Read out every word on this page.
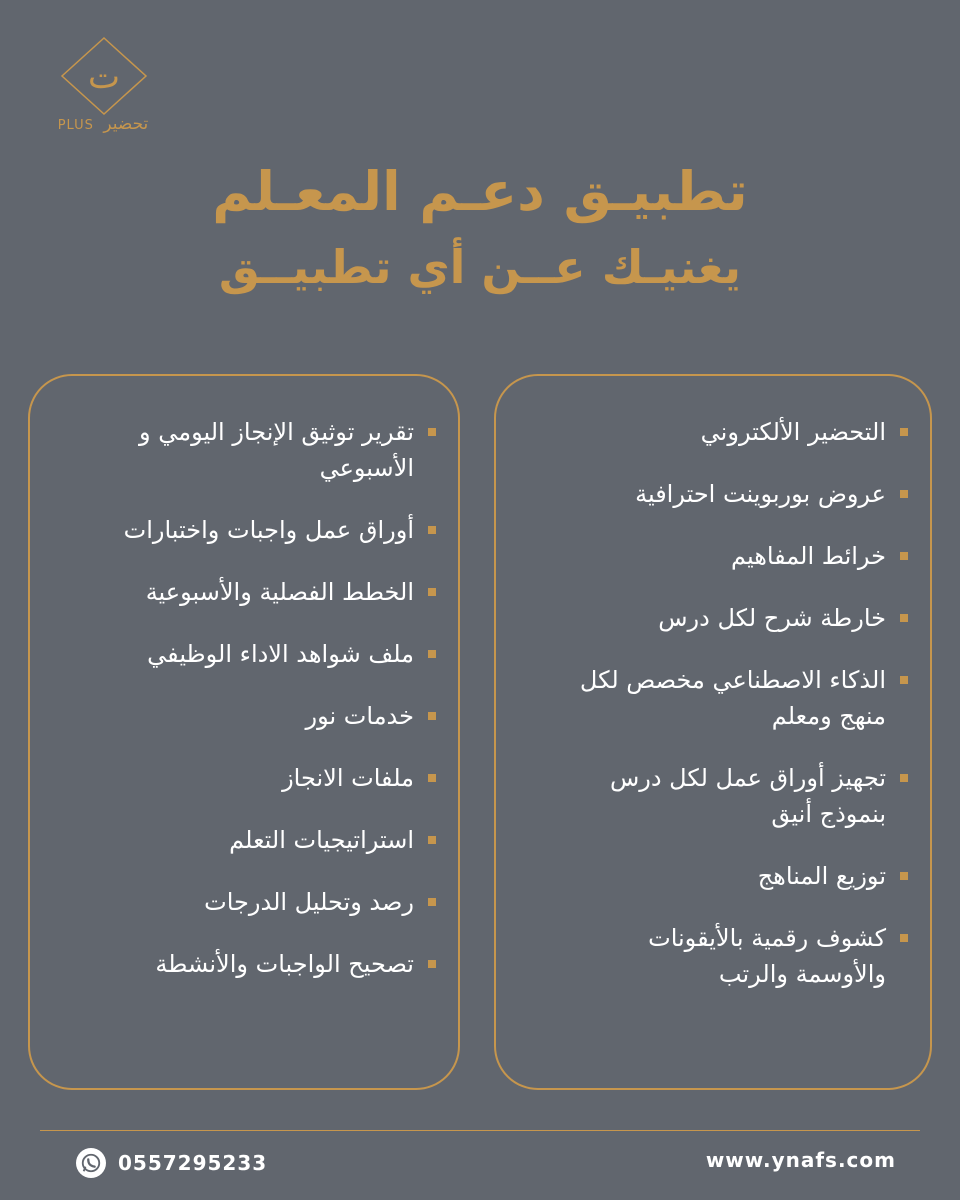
ت
PLUS تحضير
تطبيـق دعـم المعـلم
يغنيـك عــن أي تطبيــق
التحضير الألكتروني
عروض بوربوينت احترافية
خرائط المفاهيم
خارطة شرح لكل درس
الذكاء الاصطناعي مخصص لكل
منهج ومعلم
تجهيز أوراق عمل لكل درس
بنموذج أنيق
توزيع المناهج
كشوف رقمية بالأيقونات
والأوسمة والرتب
تقرير توثيق الإنجاز اليومي و
الأسبوعي
أوراق عمل واجبات واختبارات
الخطط الفصلية والأسبوعية
ملف شواهد الاداء الوظيفي
خدمات نور
ملفات الانجاز
استراتيجيات التعلم
رصد وتحليل الدرجات
تصحيح الواجبات والأنشطة
0557295233	www.ynafs.com
